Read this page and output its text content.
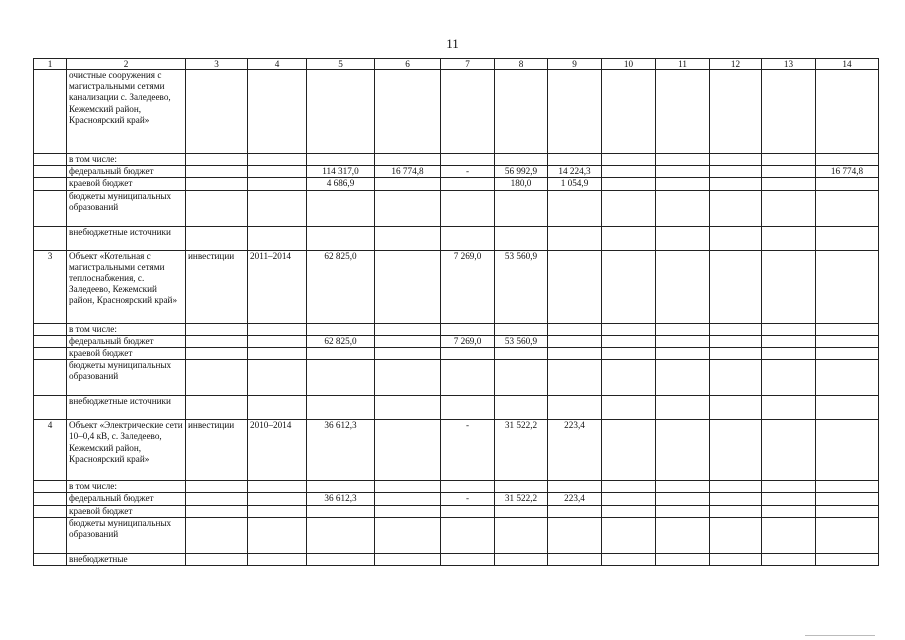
11
1	2	3	4	5	6	7	8	9	10	11	12	13	14
	очистные сооружения с магистральными сетями канализации с. Заледеево, Кежемский район, Красноярский край»												
	в том числе:												
	федеральный бюджет			114 317,0	16 774,8	-	56 992,9	14 224,3					16 774,8
	краевой бюджет			4 686,9			180,0	1 054,9					
	бюджеты муниципальных образований												
	внебюджетные источники												
3	Объект «Котельная с магистральными сетями теплоснабжения, с. Заледеево, Кежемский район, Красноярский край»	инвестиции	2011–2014	62 825,0		7 269,0	53 560,9						
	в том числе:												
	федеральный бюджет			62 825,0		7 269,0	53 560,9						
	краевой бюджет												
	бюджеты муниципальных образований												
	внебюджетные источники												
4	Объект «Электрические сети 10–0,4 кВ, с. Заледеево, Кежемский район, Красноярский край»	инвестиции	2010–2014	36 612,3		-	31 522,2	223,4					
	в том числе:												
	федеральный бюджет			36 612,3		-	31 522,2	223,4					
	краевой бюджет												
	бюджеты муниципальных образований												
	внебюджетные												
